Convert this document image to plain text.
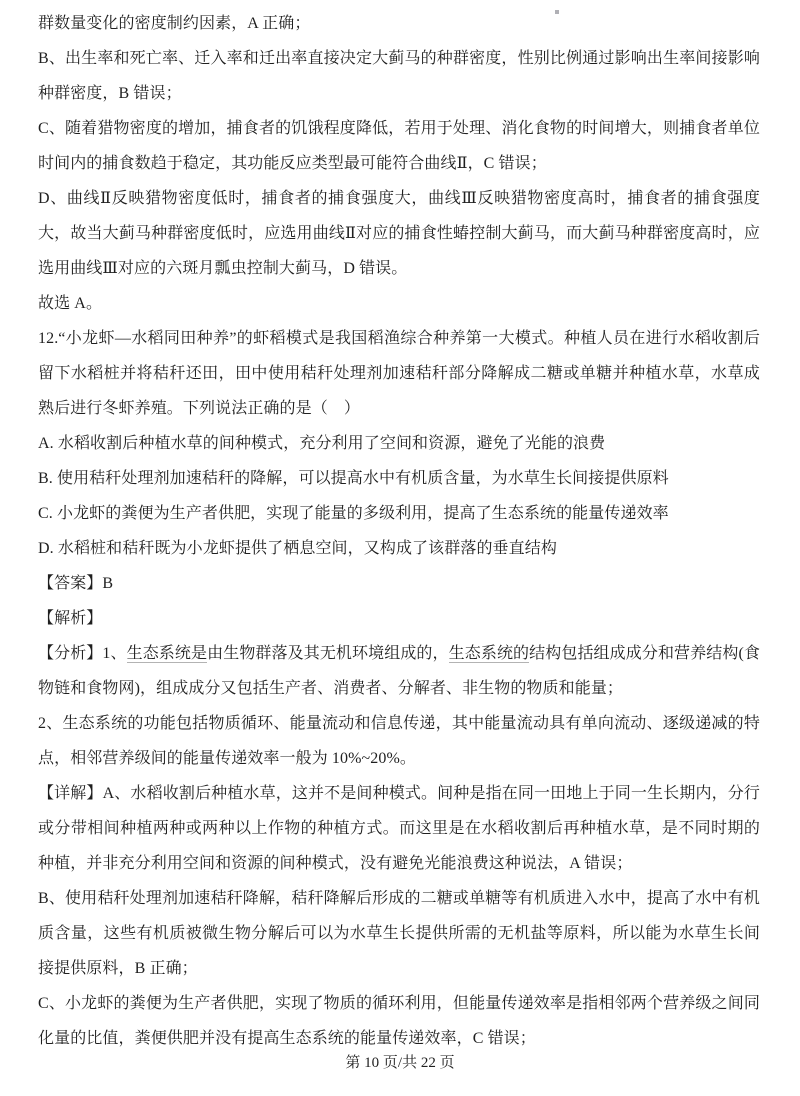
群数量变化的密度制约因素，A 正确；

B、出生率和死亡率、迁入率和迁出率直接决定大蓟马的种群密度，性别比例通过影响出生率间接影响种群密度，B 错误；

C、随着猎物密度的增加，捕食者的饥饿程度降低，若用于处理、消化食物的时间增大，则捕食者单位时间内的捕食数趋于稳定，其功能反应类型最可能符合曲线Ⅱ，C 错误；

D、曲线Ⅱ反映猎物密度低时，捕食者的捕食强度大，曲线Ⅲ反映猎物密度高时，捕食者的捕食强度大，故当大蓟马种群密度低时，应选用曲线Ⅱ对应的捕食性蝽控制大蓟马，而大蓟马种群密度高时，应选用曲线Ⅲ对应的六斑月瓢虫控制大蓟马，D 错误。

故选 A。

12.“小龙虾—水稻同田种养”的虾稻模式是我国稻渔综合种养第一大模式。种植人员在进行水稻收割后留下水稻桩并将秸秆还田，田中使用秸秆处理剂加速秸秆部分降解成二糖或单糖并种植水草，水草成熟后进行冬虾养殖。下列说法正确的是（　）

A. 水稻收割后种植水草的间种模式，充分利用了空间和资源，避免了光能的浪费

B. 使用秸秆处理剂加速秸秆的降解，可以提高水中有机质含量，为水草生长间接提供原料

C. 小龙虾的粪便为生产者供肥，实现了能量的多级利用，提高了生态系统的能量传递效率

D. 水稻桩和秸秆既为小龙虾提供了栖息空间，又构成了该群落的垂直结构

【答案】B

【解析】

【分析】1、生态系统是由生物群落及其无机环境组成的，生态系统的结构包括组成成分和营养结构(食物链和食物网)，组成成分又包括生产者、消费者、分解者、非生物的物质和能量；

2、生态系统的功能包括物质循环、能量流动和信息传递，其中能量流动具有单向流动、逐级递减的特点，相邻营养级间的能量传递效率一般为 10%~20%。

【详解】A、水稻收割后种植水草，这并不是间种模式。间种是指在同一田地上于同一生长期内，分行或分带相间种植两种或两种以上作物的种植方式。而这里是在水稻收割后再种植水草，是不同时期的种植，并非充分利用空间和资源的间种模式，没有避免光能浪费这种说法，A 错误；

B、使用秸秆处理剂加速秸秆降解，秸秆降解后形成的二糖或单糖等有机质进入水中，提高了水中有机质含量，这些有机质被微生物分解后可以为水草生长提供所需的无机盐等原料，所以能为水草生长间接提供原料，B 正确；

C、小龙虾的粪便为生产者供肥，实现了物质的循环利用，但能量传递效率是指相邻两个营养级之间同化量的比值，粪便供肥并没有提高生态系统的能量传递效率，C 错误；

第 10 页/共 22 页
